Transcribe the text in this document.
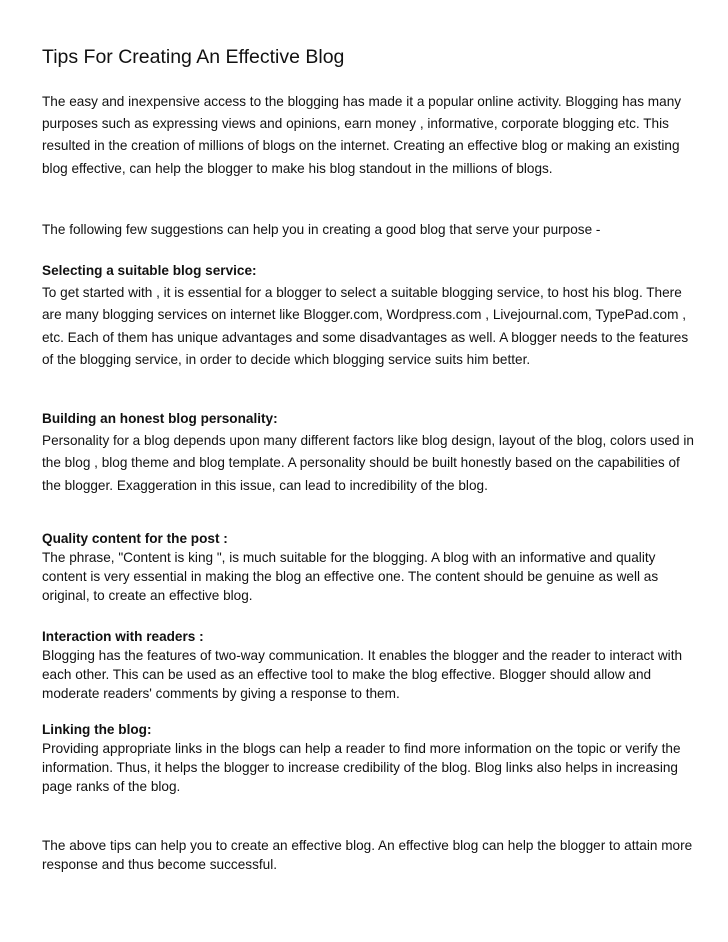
Tips For Creating An Effective Blog

The easy and inexpensive access to the blogging has made it a popular online activity. Blogging has many purposes such as expressing views and opinions, earn money , informative, corporate blogging etc. This resulted in the creation of millions of blogs on the internet. Creating an effective blog or making an existing blog effective, can help the blogger to make his blog standout in the millions of blogs.

The following few suggestions can help you in creating a good blog that serve your purpose -

Selecting a suitable blog service:
To get started with , it is essential for a blogger to select a suitable blogging service, to host his blog. There are many blogging services on internet like Blogger.com, Wordpress.com , Livejournal.com, TypePad.com , etc. Each of them has unique advantages and some disadvantages as well. A blogger needs to the features of the blogging service, in order to decide which blogging service suits him better.
Building an honest blog personality:
Personality for a blog depends upon many different factors like blog design, layout of the blog, colors used in the blog , blog theme and blog template. A personality should be built honestly based on the capabilities of the blogger. Exaggeration in this issue, can lead to incredibility of the blog.
Quality content for the post :
The phrase, "Content is king ", is much suitable for the blogging. A blog with an informative and quality content is very essential in making the blog an effective one. The content should be genuine as well as original, to create an effective blog.
Interaction with readers :
Blogging has the features of two-way communication. It enables the blogger and the reader to interact with each other. This can be used as an effective tool to make the blog effective. Blogger should allow and moderate readers' comments by giving a response to them.
Linking the blog:
Providing appropriate links in the blogs can help a reader to find more information on the topic or verify the information. Thus, it helps the blogger to increase credibility of the blog. Blog links also helps in increasing page ranks of the blog.

The above tips can help you to create an effective blog. An effective blog can help the blogger to attain more response and thus become successful.
